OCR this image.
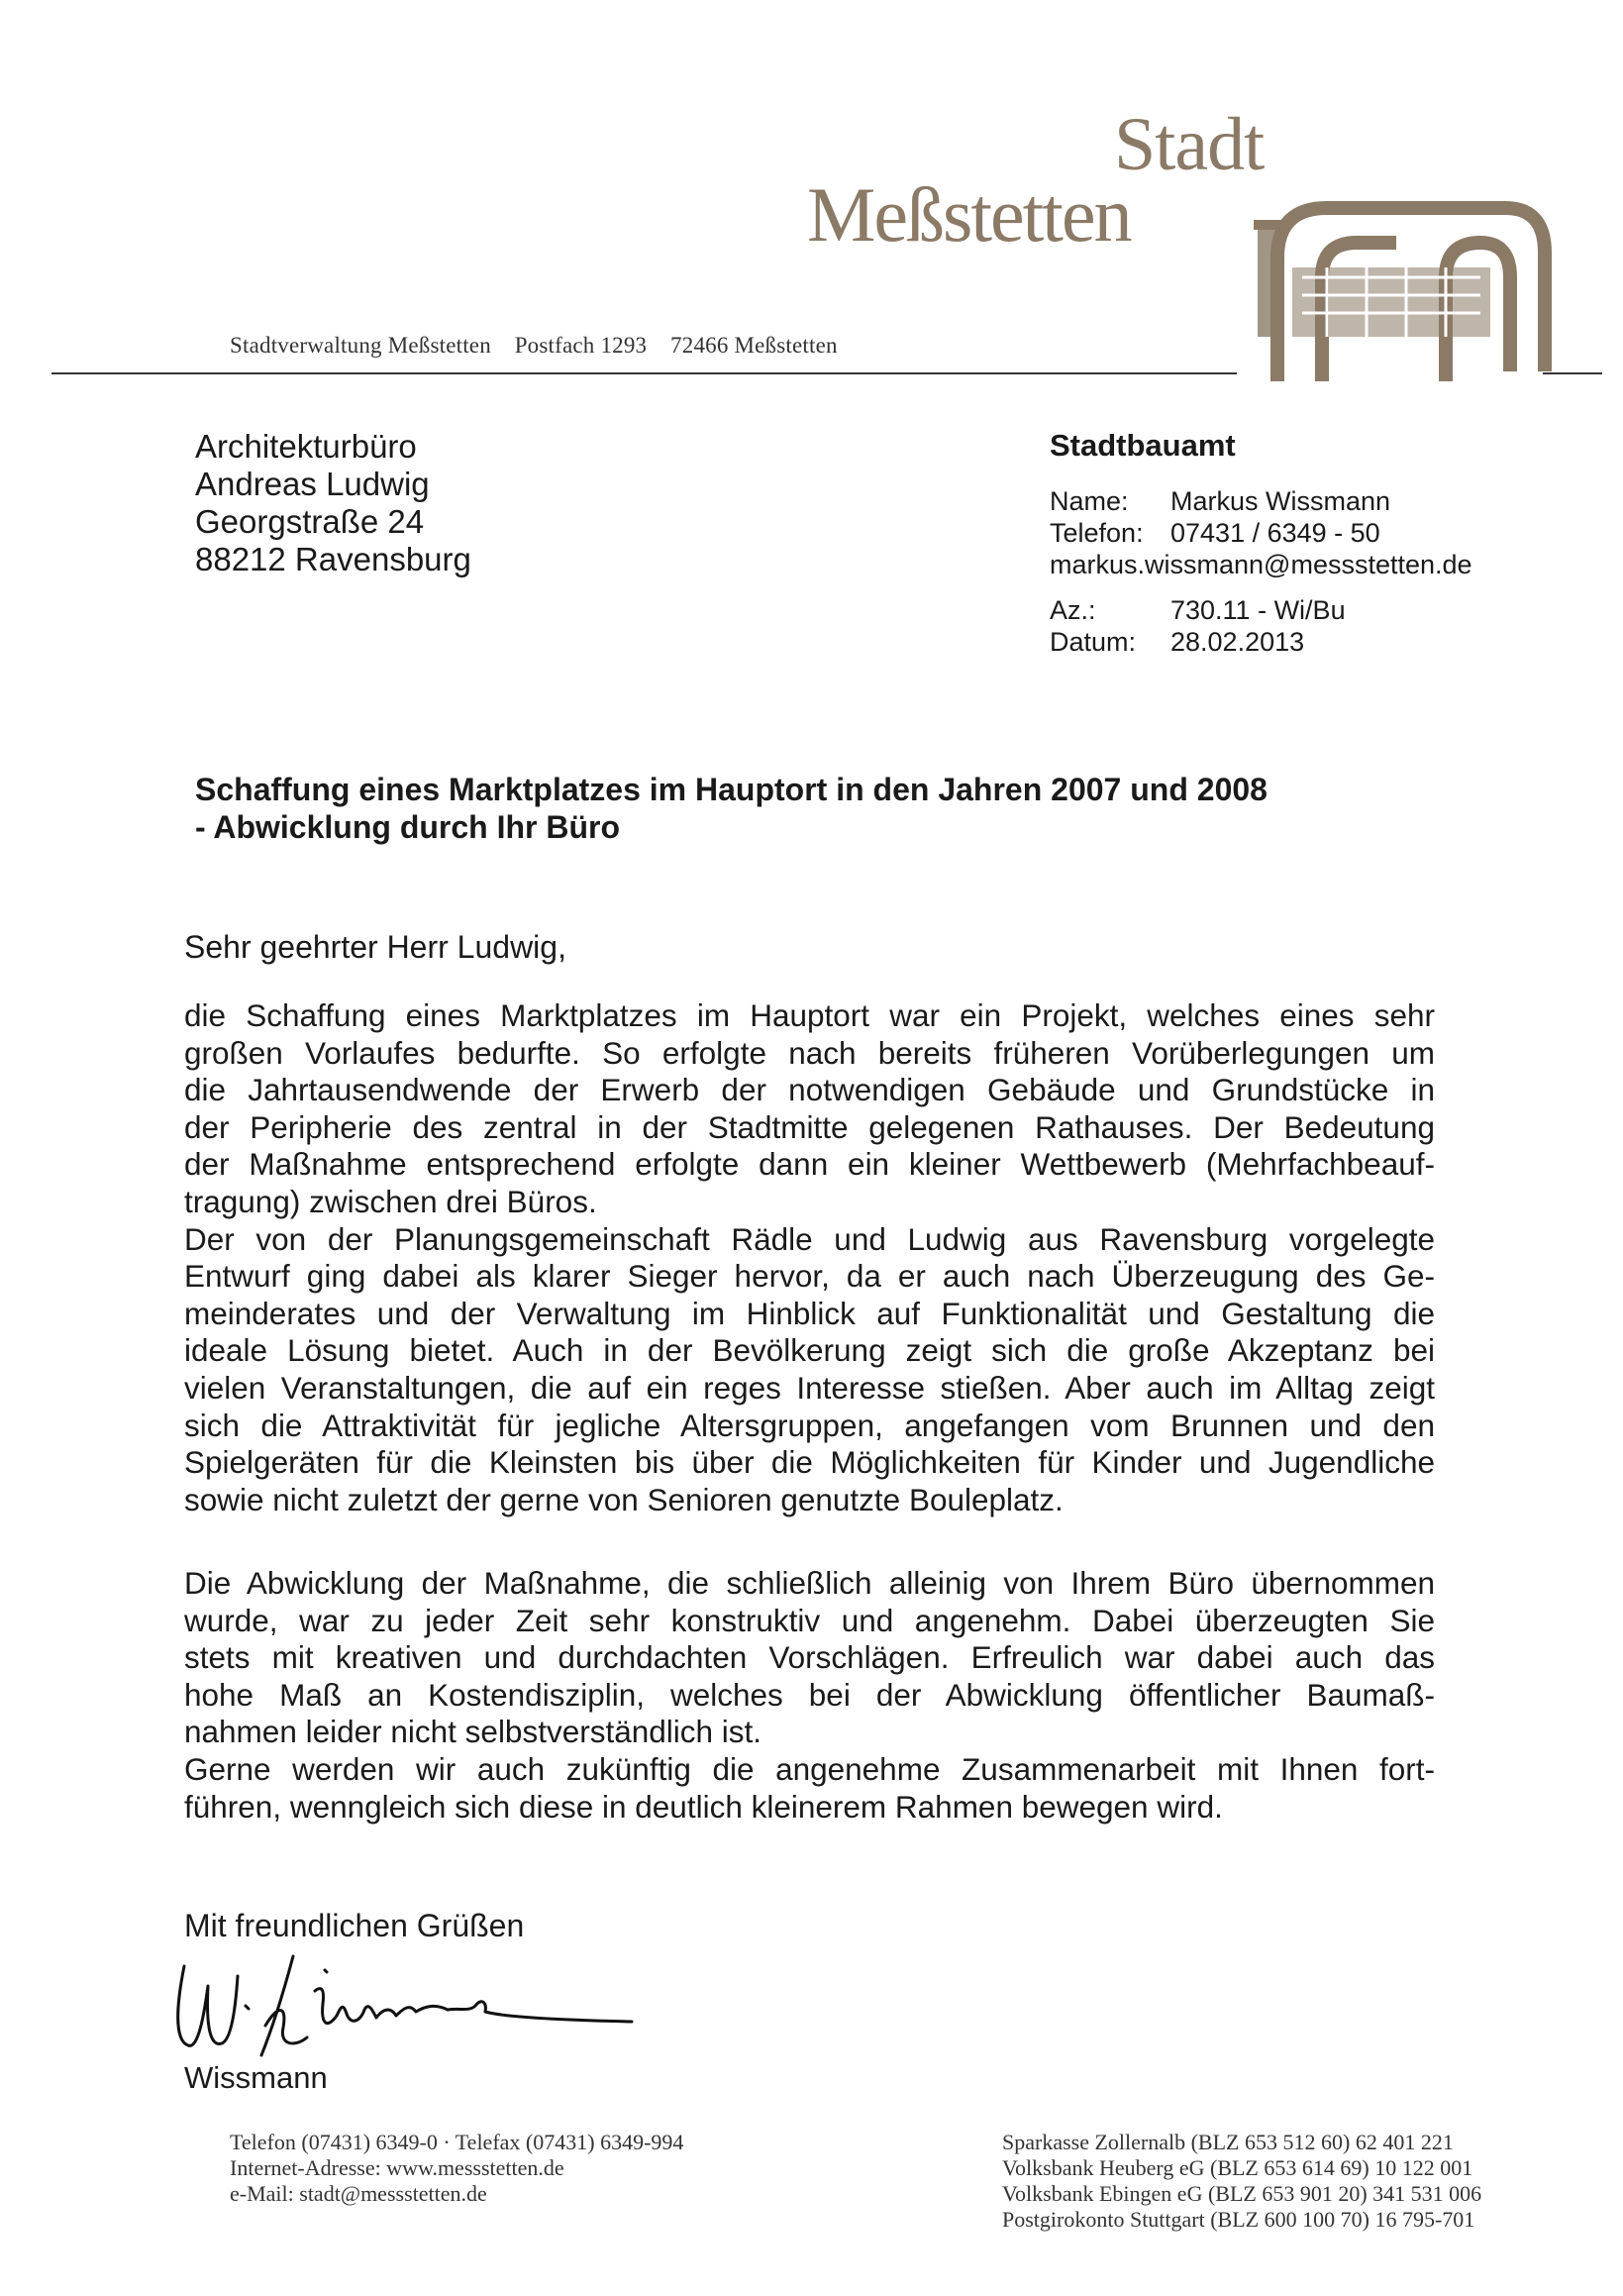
Stadt
Meßstetten
Stadtverwaltung Meßstetten    Postfach 1293    72466 Meßstetten
Architekturbüro
Andreas Ludwig
Georgstraße 24
88212 Ravensburg
Stadtbauamt
Name: Markus Wissmann
Telefon: 07431 / 6349 - 50
markus.wissmann@messstetten.de
Az.:	730.11 - Wi/Bu
Datum: 28.02.2013
Schaffung eines Marktplatzes im Hauptort in den Jahren 2007 und 2008
- Abwicklung durch Ihr Büro
Sehr geehrter Herr Ludwig,
die Schaffung eines Marktplatzes im Hauptort war ein Projekt, welches eines sehr
großen Vorlaufes bedurfte. So erfolgte nach bereits früheren Vorüberlegungen um
die Jahrtausendwende der Erwerb der notwendigen Gebäude und Grundstücke in
der Peripherie des zentral in der Stadtmitte gelegenen Rathauses. Der Bedeutung
der Maßnahme entsprechend erfolgte dann ein kleiner Wettbewerb (Mehrfachbeauf-
tragung) zwischen drei Büros.
Der von der Planungsgemeinschaft Rädle und Ludwig aus Ravensburg vorgelegte
Entwurf ging dabei als klarer Sieger hervor, da er auch nach Überzeugung des Ge-
meinderates und der Verwaltung im Hinblick auf Funktionalität und Gestaltung die
ideale Lösung bietet. Auch in der Bevölkerung zeigt sich die große Akzeptanz bei
vielen Veranstaltungen, die auf ein reges Interesse stießen. Aber auch im Alltag zeigt
sich die Attraktivität für jegliche Altersgruppen, angefangen vom Brunnen und den
Spielgeräten für die Kleinsten bis über die Möglichkeiten für Kinder und Jugendliche
sowie nicht zuletzt der gerne von Senioren genutzte Bouleplatz.
Die Abwicklung der Maßnahme, die schließlich alleinig von Ihrem Büro übernommen
wurde, war zu jeder Zeit sehr konstruktiv und angenehm. Dabei überzeugten Sie
stets mit kreativen und durchdachten Vorschlägen. Erfreulich war dabei auch das
hohe Maß an Kostendisziplin, welches bei der Abwicklung öffentlicher Baumaß-
nahmen leider nicht selbstverständlich ist.
Gerne werden wir auch zukünftig die angenehme Zusammenarbeit mit Ihnen fort-
führen, wenngleich sich diese in deutlich kleinerem Rahmen bewegen wird.
Mit freundlichen Grüßen
Wissmann
Telefon (07431) 6349-0 · Telefax (07431) 6349-994
Internet-Adresse: www.messstetten.de
e-Mail: stadt@messstetten.de
Sparkasse Zollernalb (BLZ 653 512 60) 62 401 221
Volksbank Heuberg eG (BLZ 653 614 69) 10 122 001
Volksbank Ebingen eG (BLZ 653 901 20) 341 531 006
Postgirokonto Stuttgart (BLZ 600 100 70) 16 795-701
